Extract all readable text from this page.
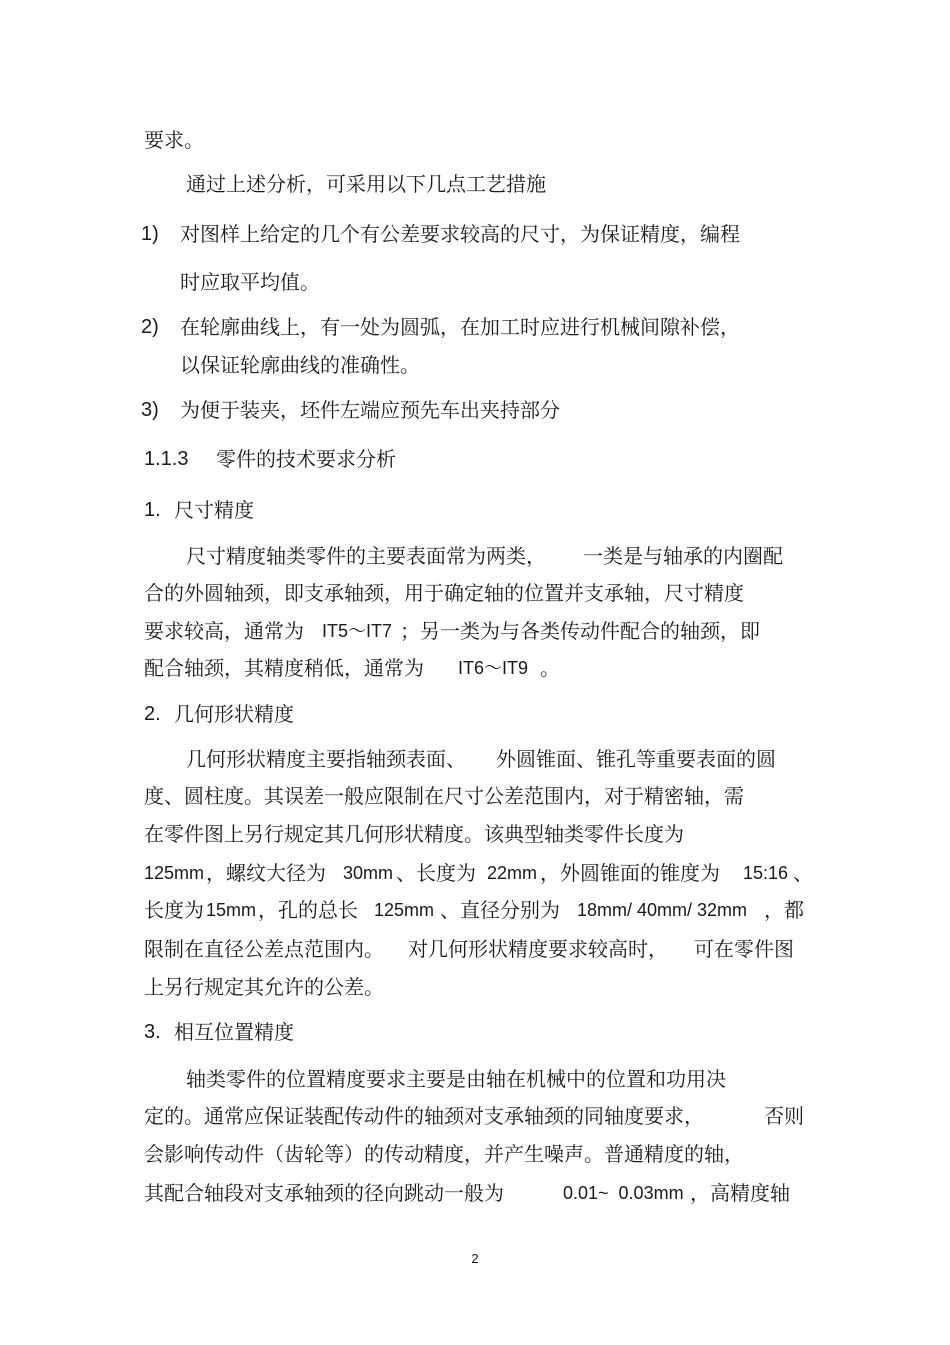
要求。
通过上述分析，可采用以下几点工艺措施
1) 对图样上给定的几个有公差要求较高的尺寸，为保证精度，编程
时应取平均值。
2) 在轮廓曲线上，有一处为圆弧，在加工时应进行机械间隙补偿，
以保证轮廓曲线的准确性。
3) 为便于装夹，坯件左端应预先车出夹持部分
1.1.3 零件的技术要求分析
1. 尺寸精度
尺寸精度轴类零件的主要表面常为两类， 一类是与轴承的内圈配
合的外圆轴颈，即支承轴颈，用于确定轴的位置并支承轴，尺寸精度
要求较高，通常为 IT5～IT7 ；另一类为与各类传动件配合的轴颈，即
配合轴颈，其精度稍低，通常为 IT6～IT9 。
2. 几何形状精度
几何形状精度主要指轴颈表面、 外圆锥面、锥孔等重要表面的圆
度、圆柱度。其误差一般应限制在尺寸公差范围内，对于精密轴，需
在零件图上另行规定其几何形状精度。该典型轴类零件长度为
125mm ，螺纹大径为 30mm 、长度为 22mm ，外圆锥面的锥度为 15:16 、
长度为 15mm ，孔的总长 125mm 、直径分别为 18mm/ 40mm/ 32mm ，都
限制在直径公差点范围内。 对几何形状精度要求较高时， 可在零件图
上另行规定其允许的公差。
3. 相互位置精度
轴类零件的位置精度要求主要是由轴在机械中的位置和功用决
定的。通常应保证装配传动件的轴颈对支承轴颈的同轴度要求，	否则
会影响传动件（齿轮等）的传动精度，并产生噪声。普通精度的轴，
其配合轴段对支承轴颈的径向跳动一般为	0.01~  0.03mm ，高精度轴
2
